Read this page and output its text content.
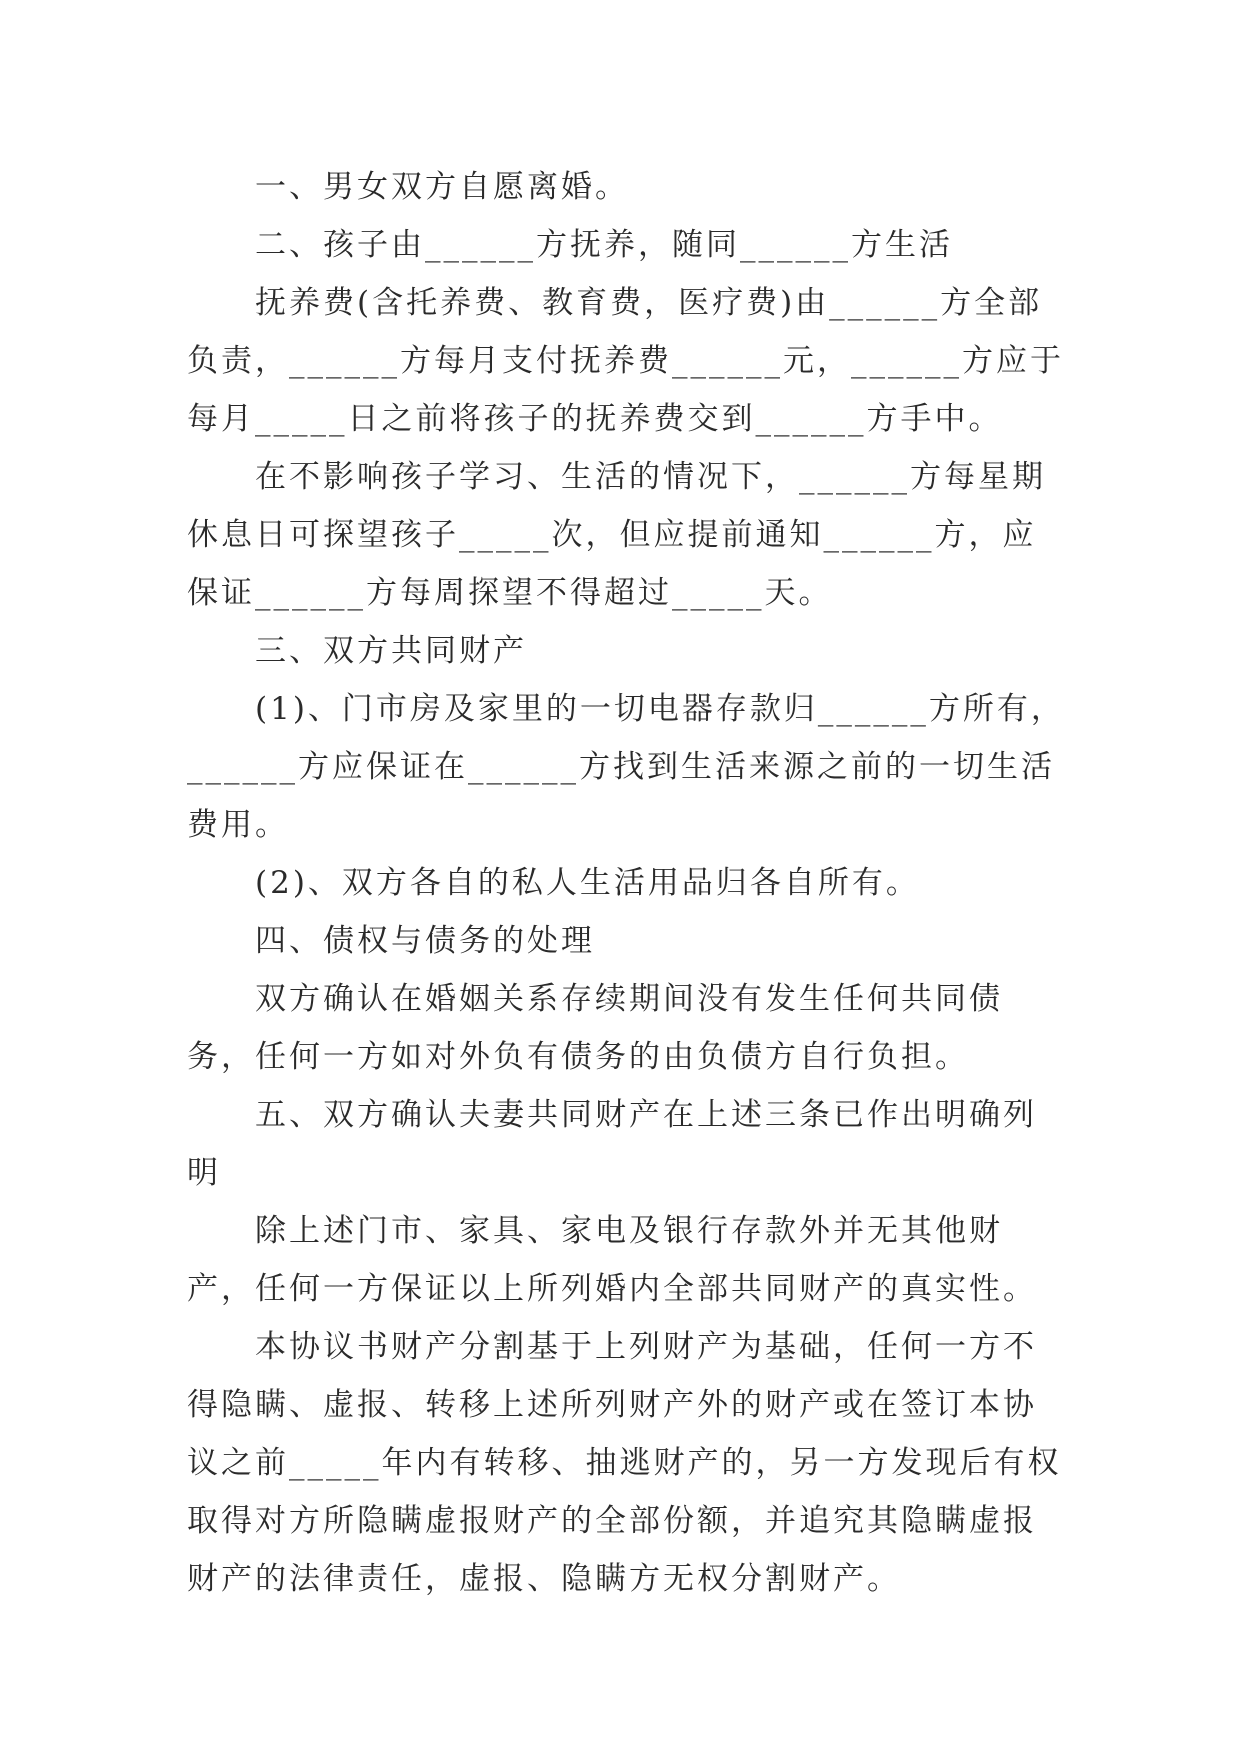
一、男女双方自愿离婚。

二、孩子由______方抚养，随同______方生活

抚养费(含托养费、教育费，医疗费)由______方全部负责，______方每月支付抚养费______元，______方应于每月_____日之前将孩子的抚养费交到______方手中。

在不影响孩子学习、生活的情况下，______方每星期休息日可探望孩子_____次，但应提前通知______方，应保证______方每周探望不得超过_____天。

三、双方共同财产

(1)、门市房及家里的一切电器存款归______方所有，______方应保证在______方找到生活来源之前的一切生活费用。

(2)、双方各自的私人生活用品归各自所有。

四、债权与债务的处理

双方确认在婚姻关系存续期间没有发生任何共同债务，任何一方如对外负有债务的由负债方自行负担。

五、双方确认夫妻共同财产在上述三条已作出明确列明

除上述门市、家具、家电及银行存款外并无其他财产，任何一方保证以上所列婚内全部共同财产的真实性。

本协议书财产分割基于上列财产为基础，任何一方不得隐瞒、虚报、转移上述所列财产外的财产或在签订本协议之前_____年内有转移、抽逃财产的，另一方发现后有权取得对方所隐瞒虚报财产的全部份额，并追究其隐瞒虚报财产的法律责任，虚报、隐瞒方无权分割财产。
